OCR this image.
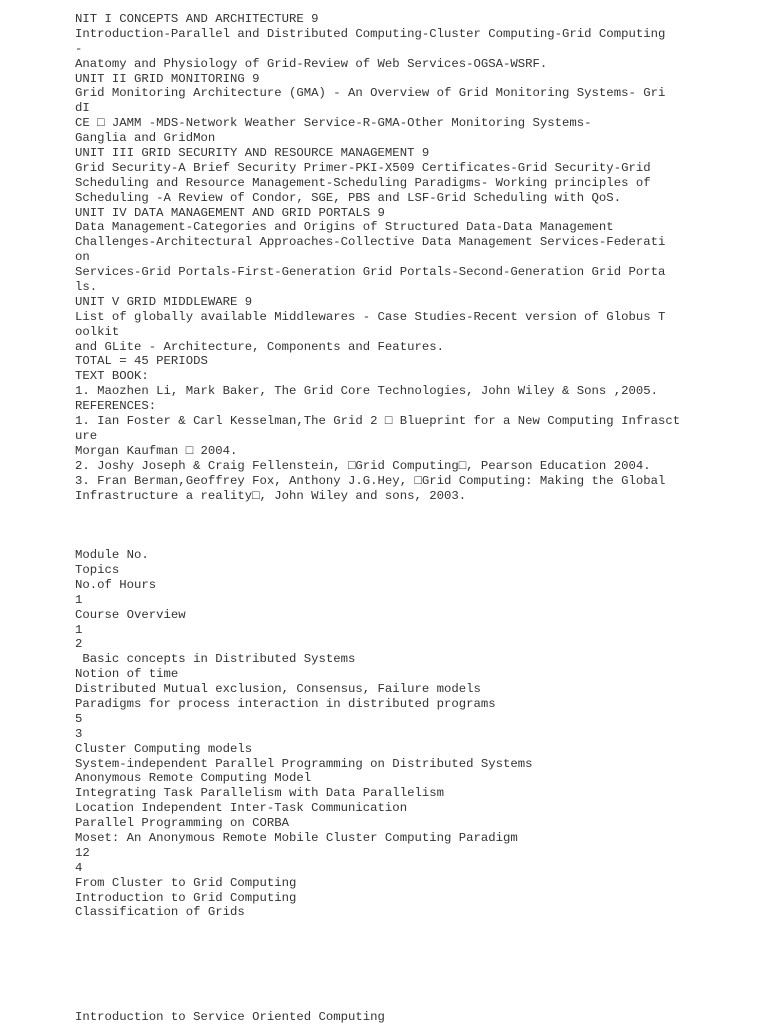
NIT I CONCEPTS AND ARCHITECTURE 9
Introduction-Parallel and Distributed Computing-Cluster Computing-Grid Computing
-
Anatomy and Physiology of Grid-Review of Web Services-OGSA-WSRF.
UNIT II GRID MONITORING 9
Grid Monitoring Architecture (GMA) - An Overview of Grid Monitoring Systems- Gri
dI
CE □ JAMM -MDS-Network Weather Service-R-GMA-Other Monitoring Systems-
Ganglia and GridMon
UNIT III GRID SECURITY AND RESOURCE MANAGEMENT 9
Grid Security-A Brief Security Primer-PKI-X509 Certificates-Grid Security-Grid
Scheduling and Resource Management-Scheduling Paradigms- Working principles of
Scheduling -A Review of Condor, SGE, PBS and LSF-Grid Scheduling with QoS.
UNIT IV DATA MANAGEMENT AND GRID PORTALS 9
Data Management-Categories and Origins of Structured Data-Data Management
Challenges-Architectural Approaches-Collective Data Management Services-Federati
on
Services-Grid Portals-First-Generation Grid Portals-Second-Generation Grid Porta
ls.
UNIT V GRID MIDDLEWARE 9
List of globally available Middlewares - Case Studies-Recent version of Globus T
oolkit
and GLite - Architecture, Components and Features.
TOTAL = 45 PERIODS
TEXT BOOK:
1. Maozhen Li, Mark Baker, The Grid Core Technologies, John Wiley & Sons ,2005.
REFERENCES:
1. Ian Foster & Carl Kesselman,The Grid 2 □ Blueprint for a New Computing Infrasct
ure
Morgan Kaufman □ 2004.
2. Joshy Joseph & Craig Fellenstein, □Grid Computing□, Pearson Education 2004.
3. Fran Berman,Geoffrey Fox, Anthony J.G.Hey, □Grid Computing: Making the Global
Infrastructure a reality□, John Wiley and sons, 2003.
Module No.
Topics
No.of Hours
1
Course Overview
1
2
Basic concepts in Distributed Systems
Notion of time
Distributed Mutual exclusion, Consensus, Failure models
Paradigms for process interaction in distributed programs
5
3
Cluster Computing models
System-independent Parallel Programming on Distributed Systems
Anonymous Remote Computing Model
Integrating Task Parallelism with Data Parallelism
Location Independent Inter-Task Communication
Parallel Programming on CORBA
Moset: An Anonymous Remote Mobile Cluster Computing Paradigm
12
4
From Cluster to Grid Computing
Introduction to Grid Computing
Classification of Grids
Introduction to Service Oriented Computing
